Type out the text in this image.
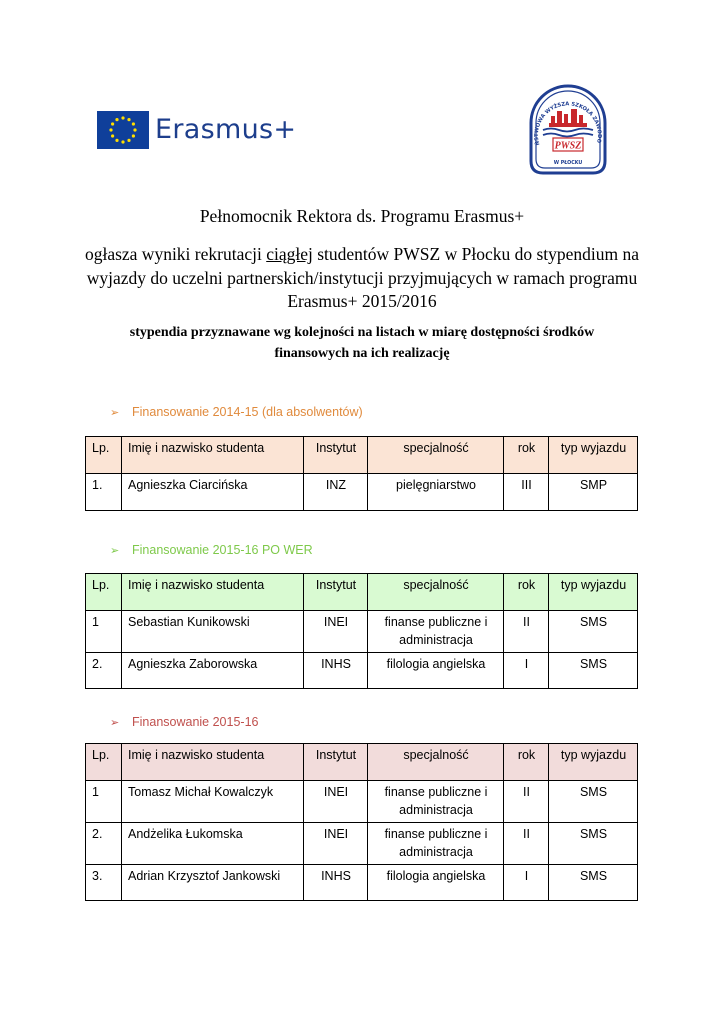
Erasmus+	ŃSTWOWA WYŻSZA SZKOŁA ZAWODO
PWSZ
W PŁOCKU
Pełnomocnik Rektora ds. Programu Erasmus+
ogłasza wyniki rekrutacji ciągłej studentów PWSZ w Płocku do stypendium na
wyjazdy do uczelni partnerskich/instytucji przyjmujących w ramach programu
Erasmus+ 2015/2016
stypendia przyznawane wg kolejności na listach w miarę dostępności środków
finansowych na ich realizację
➢ Finansowanie 2014-15 (dla absolwentów)
Lp.	Imię i nazwisko studenta	Instytut	specjalność	rok	typ wyjazdu
1.	Agnieszka Ciarcińska	INZ	pielęgniarstwo	III	SMP
➢ Finansowanie 2015-16 PO WER
Lp.	Imię i nazwisko studenta	Instytut	specjalność	rok	typ wyjazdu
1	Sebastian Kunikowski	INEI	finanse publiczne i administracja	II	SMS
2.	Agnieszka Zaborowska	INHS	filologia angielska	I	SMS
➢ Finansowanie 2015-16
Lp.	Imię i nazwisko studenta	Instytut	specjalność	rok	typ wyjazdu
1	Tomasz Michał Kowalczyk	INEI	finanse publiczne i administracja	II	SMS
2.	Andżelika Łukomska	INEI	finanse publiczne i administracja	II	SMS
3.	Adrian Krzysztof Jankowski	INHS	filologia angielska	I	SMS
